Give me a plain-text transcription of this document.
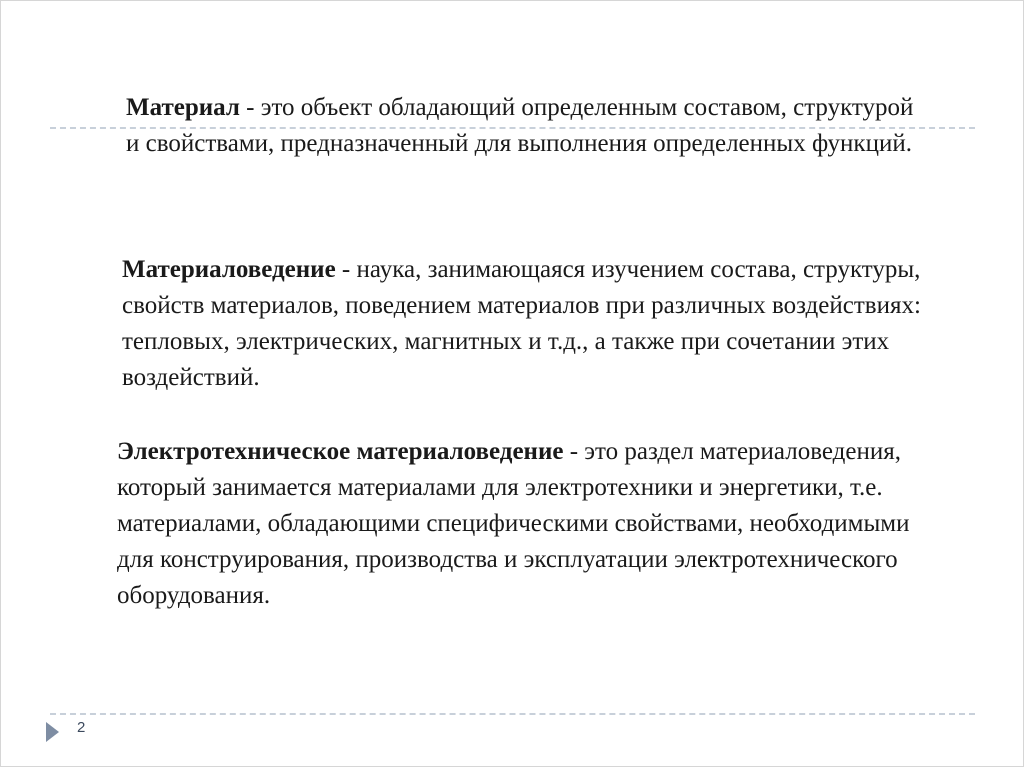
Материал - это объект обладающий определенным составом, структурой и свойствами, предназначенный для выполнения определенных функций.

Материаловедение - наука, занимающаяся изучением состава, структуры, свойств материалов, поведением материалов при различных воздействиях: тепловых, электрических, магнитных и т.д., а также при сочетании этих воздействий.

Электротехническое материаловедение - это раздел материаловедения, который занимается материалами для электротехники и энергетики, т.е. материалами, обладающими специфическими свойствами, необходимыми для конструирования, производства и эксплуатации электротехнического оборудования.

2
